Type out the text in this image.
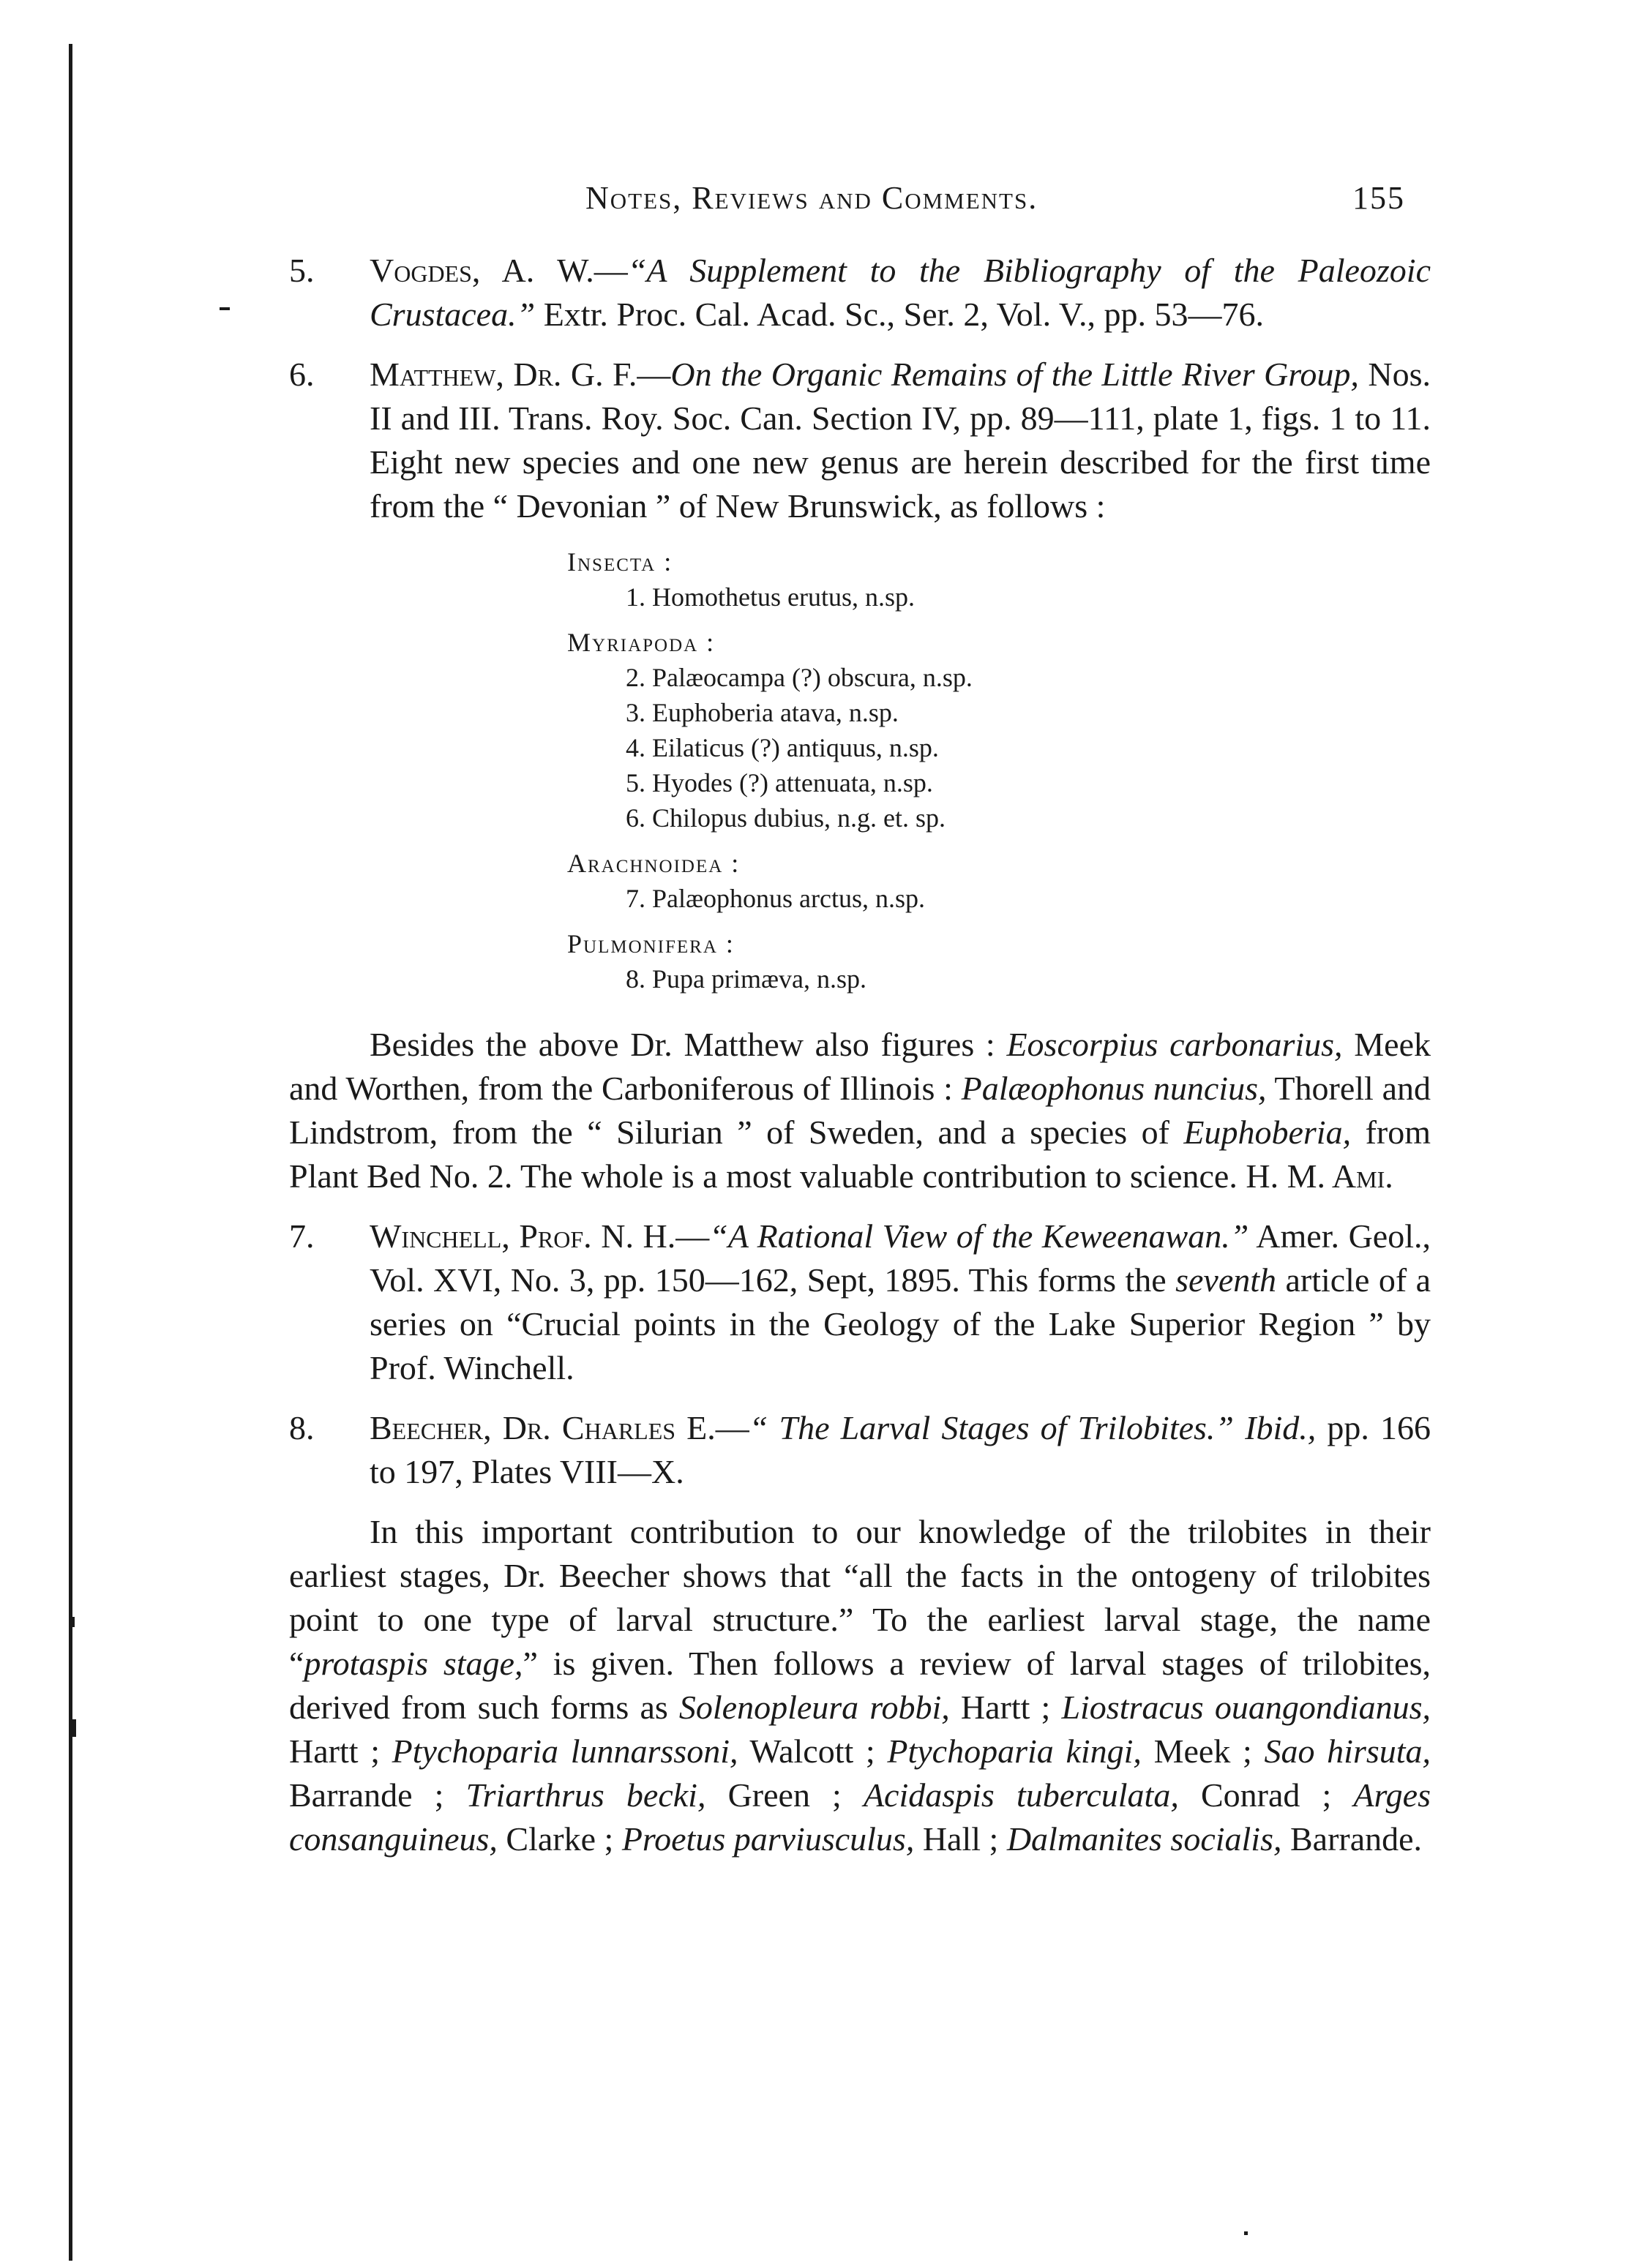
Notes, Reviews and Comments.	155
5. Vogdes, A. W.—“A Supplement to the Bibliography of the Paleozoic Crustacea.” Extr. Proc. Cal. Acad. Sc., Ser. 2, Vol. V., pp. 53—76.
6. Matthew, Dr. G. F.—On the Organic Remains of the Little River Group, Nos. II and III. Trans. Roy. Soc. Can. Section IV, pp. 89—111, plate 1, figs. 1 to 11. Eight new species and one new genus are herein described for the first time from the “ Devonian ” of New Brunswick, as follows :
Insecta :
1. Homothetus erutus, n.sp.
Myriapoda :
2. Palæocampa (?) obscura, n.sp.
3. Euphoberia atava, n.sp.
4. Eilaticus (?) antiquus, n.sp.
5. Hyodes (?) attenuata, n.sp.
6. Chilopus dubius, n.g. et. sp.
Arachnoidea :
7. Palæophonus arctus, n.sp.
Pulmonifera :
8. Pupa primæva, n.sp.
Besides the above Dr. Matthew also figures : Eoscorpius carbonarius, Meek and Worthen, from the Carboniferous of Illinois : Palæophonus nuncius, Thorell and Lindstrom, from the “ Silurian ” of Sweden, and a species of Euphoberia, from Plant Bed No. 2. The whole is a most valuable contribution to science. H. M. Ami.
7. Winchell, Prof. N. H.—“A Rational View of the Keweenawan.” Amer. Geol., Vol. XVI, No. 3, pp. 150—162, Sept, 1895. This forms the seventh article of a series on “Crucial points in the Geology of the Lake Superior Region ” by Prof. Winchell.
8. Beecher, Dr. Charles E.—“ The Larval Stages of Trilobites.” Ibid., pp. 166 to 197, Plates VIII—X.
In this important contribution to our knowledge of the trilobites in their earliest stages, Dr. Beecher shows that “all the facts in the ontogeny of trilobites point to one type of larval structure.” To the earliest larval stage, the name “protaspis stage,” is given. Then follows a review of larval stages of trilobites, derived from such forms as Solenopleura robbi, Hartt ; Liostracus ouangondianus, Hartt ; Ptychoparia lunnarssoni, Walcott ; Ptychoparia kingi, Meek ; Sao hirsuta, Barrande ; Triarthrus becki, Green ; Acidaspis tuberculata, Conrad ; Arges consanguineus, Clarke ; Proetus parviusculus, Hall ; Dalmanites socialis, Barrande.
